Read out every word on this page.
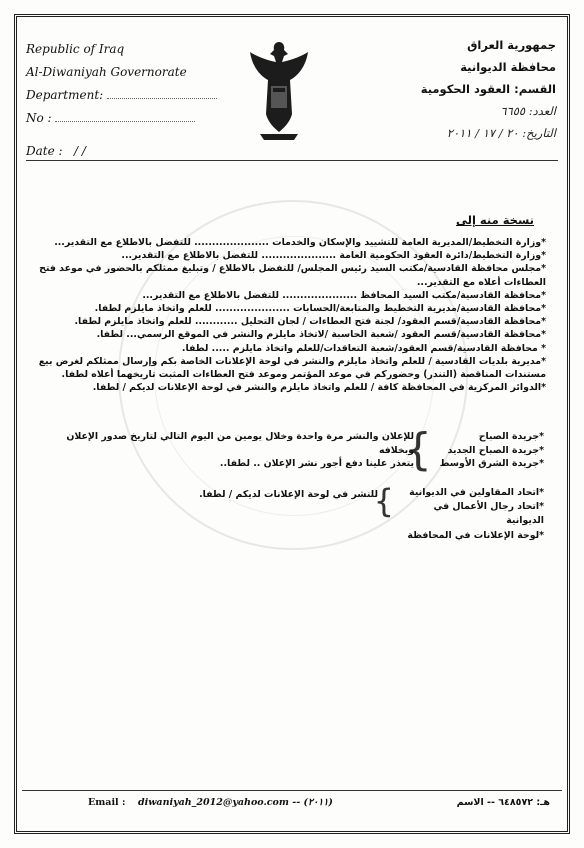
Republic of Iraq
Al-Diwaniyah Governorate
Department:
No :
Date : / /
جمهورية العراق
محافظة الديوانية
القسم: العقود الحكومية
العدد: ٦٦٥٥
التاريخ: ٢٠ / ١٧ / ٢٠١١
نسخة منه إلى
*وزارة التخطيط/المديرية العامة للتشييد والإسكان والخدمات ..................... للتفضل بالاطلاع مع التقدير...
*وزارة التخطيط/دائرة العقود الحكومية العامة ..................... للتفضل بالاطلاع مع التقدير...
*مجلس محافظة القادسية/مكتب السيد رئيس المجلس/ للتفضل بالاطلاع / وتبليغ ممثلكم بالحضور في موعد فتح
العطاءات أعلاه مع التقدير...
*محافظة القادسية/مكتب السيد المحافظ ..................... للتفضل بالاطلاع مع التقدير...
*محافظة القادسية/مديرية التخطيط والمتابعة/الحسابات ..................... للعلم واتخاذ مايلزم لطفا.
*محافظة القادسية/قسم العقود/ لجنة فتح العطاءات / لجان التحليل ............ للعلم واتخاذ مايلزم لطفا.
*محافظة القادسية/قسم العقود /شعبة الحاسبة /لاتخاذ مايلزم والنشر في الموقع الرسمي... لطفا.
* محافظة القادسية/قسم العقود/شعبة التعاقدات/للعلم واتخاذ مايلزم ..... لطفا.
*مديرية بلديات القادسية / للعلم واتخاذ مايلزم والنشر في لوحة الإعلانات الخاصة بكم وإرسال ممثلكم لغرض بيع
مستندات المناقصة (التندر) وحضوركم في موعد المؤتمر وموعد فتح العطاءات المثبت تاريخهما أعلاه لطفا.
*الدوائر المركزية في المحافظة كافة / للعلم واتخاذ مايلزم والنشر في لوحة الإعلانات لديكم / لطفا.
*جريدة الصباح
*جريدة الصباح الجديد
*جريدة الشرق الأوسط
}
للإعلان والنشر مرة واحدة وخلال يومين من اليوم التالي لتاريخ صدور الإعلان وبخلافه
يتعذر علينا دفع أجور نشر الإعلان .. لطفا..
*اتحاد المقاولين في الديوانية
*اتحاد رجال الأعمال في الديوانية
}
للنشر في لوحة الإعلانات لديكم / لطفا.
*لوحة الإعلانات في المحافظة
Email : diwaniyah_2012@yahoo.com -- (٢٠١١)	هـ: ٦٤٨٥٧٢ -- الاسم
